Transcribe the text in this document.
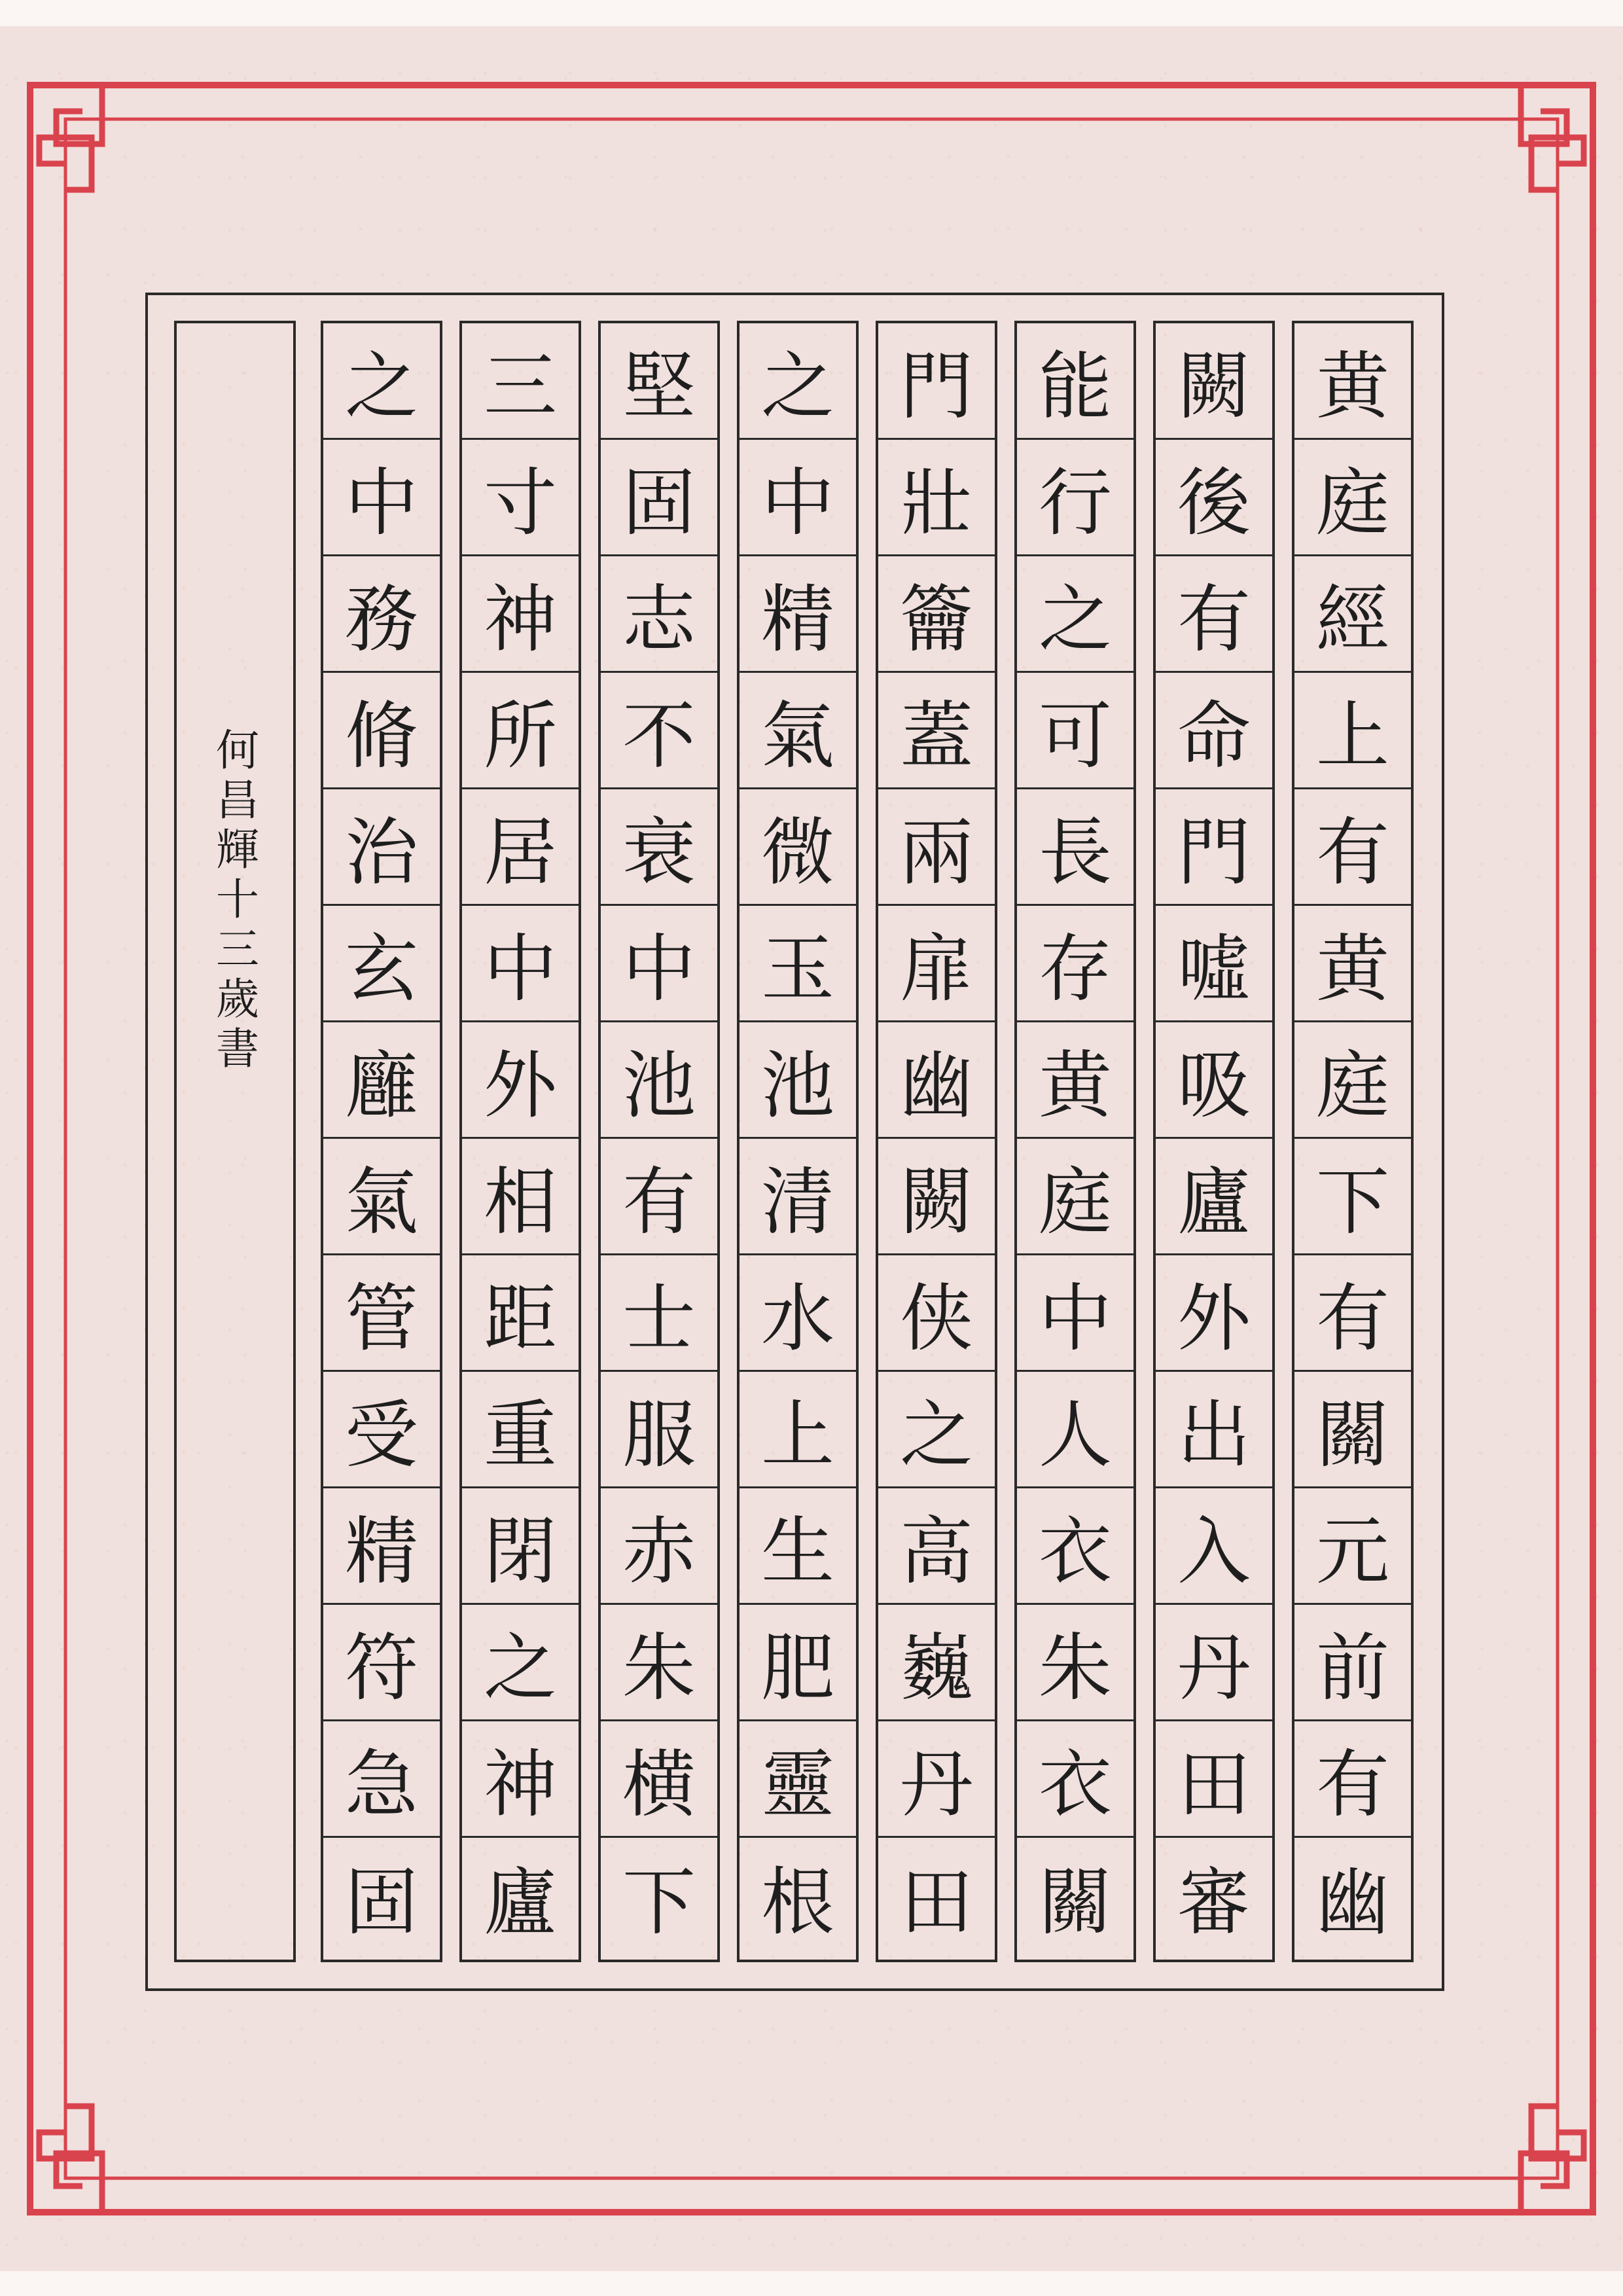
黄
庭
經
上
有
黄
庭
下
有
關
元
前
有
幽
闕
後
有
命
門
噓
吸
廬
外
出
入
丹
田
審
能
行
之
可
長
存
黄
庭
中
人
衣
朱
衣
關
門
壯
籥
蓋
兩
扉
幽
闕
侠
之
高
巍
丹
田
之
中
精
氣
微
玉
池
清
水
上
生
肥
靈
根
堅
固
志
不
衰
中
池
有
士
服
赤
朱
横
下
三
寸
神
所
居
中
外
相
距
重
閉
之
神
廬
之
中
務
脩
治
玄
廱
氣
管
受
精
符
急
固
何昌輝十三歲書
